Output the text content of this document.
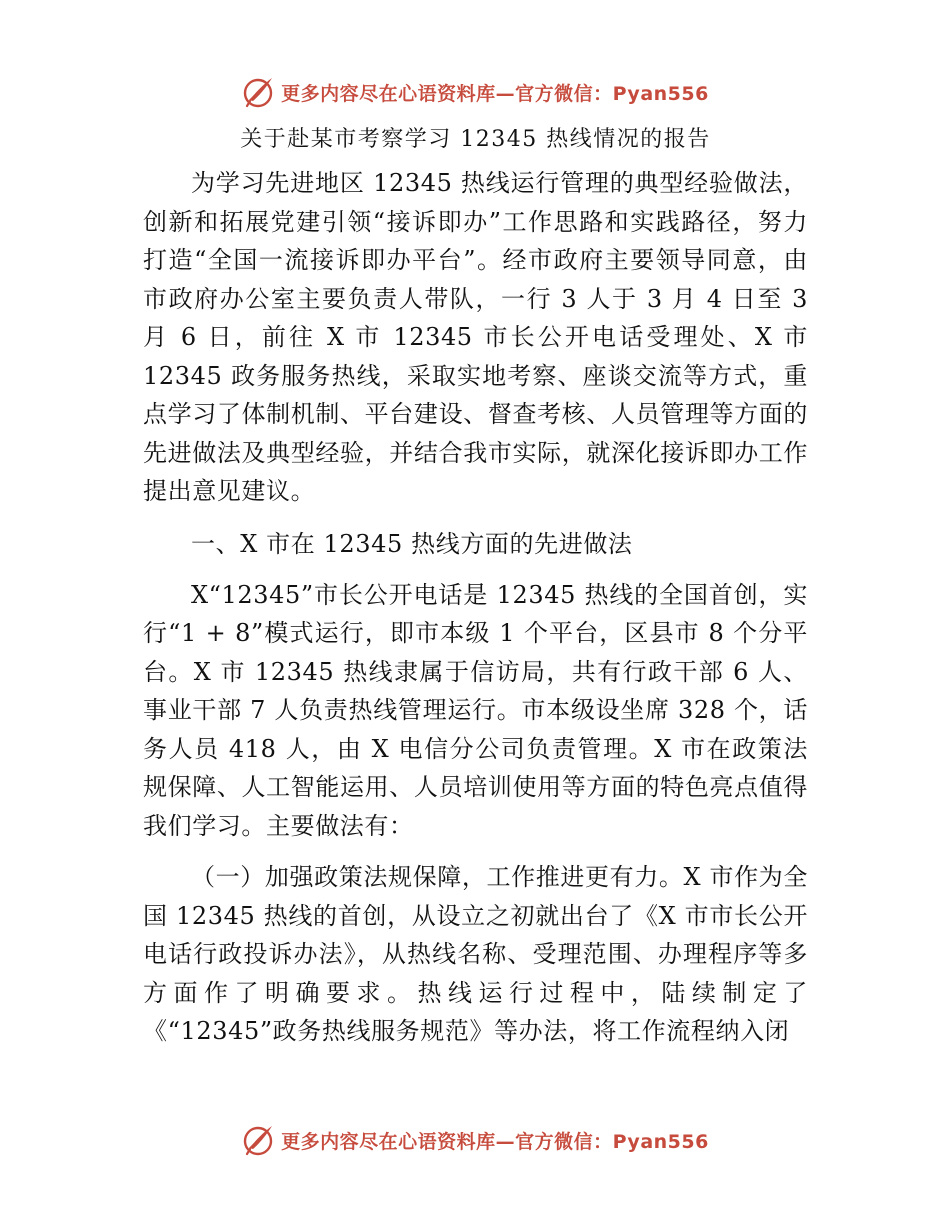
更多内容尽在心语资料库—官方微信：Pyan556
关于赴某市考察学习 12345 热线情况的报告

为学习先进地区 12345 热线运行管理的典型经验做法，创新和拓展党建引领“接诉即办”工作思路和实践路径，努力打造“全国一流接诉即办平台”。经市政府主要领导同意，由市政府办公室主要负责人带队，一行 3 人于 3 月 4 日至 3 月 6 日，前往 X 市 12345 市长公开电话受理处、X 市 12345 政务服务热线，采取实地考察、座谈交流等方式，重点学习了体制机制、平台建设、督查考核、人员管理等方面的先进做法及典型经验，并结合我市实际，就深化接诉即办工作提出意见建议。

一、X 市在 12345 热线方面的先进做法

X“12345”市长公开电话是 12345 热线的全国首创，实行“1 + 8”模式运行，即市本级 1 个平台，区县市 8 个分平台。X 市 12345 热线隶属于信访局，共有行政干部 6 人、事业干部 7 人负责热线管理运行。市本级设坐席 328 个，话务人员 418 人，由 X 电信分公司负责管理。X 市在政策法规保障、人工智能运用、人员培训使用等方面的特色亮点值得我们学习。主要做法有：

（一）加强政策法规保障，工作推进更有力。X 市作为全国 12345 热线的首创，从设立之初就出台了《X 市市长公开电话行政投诉办法》，从热线名称、受理范围、办理程序等多方面作了明确要求。热线运行过程中，陆续制定了《“12345”政务热线服务规范》等办法，将工作流程纳入闭

更多内容尽在心语资料库—官方微信：Pyan556
